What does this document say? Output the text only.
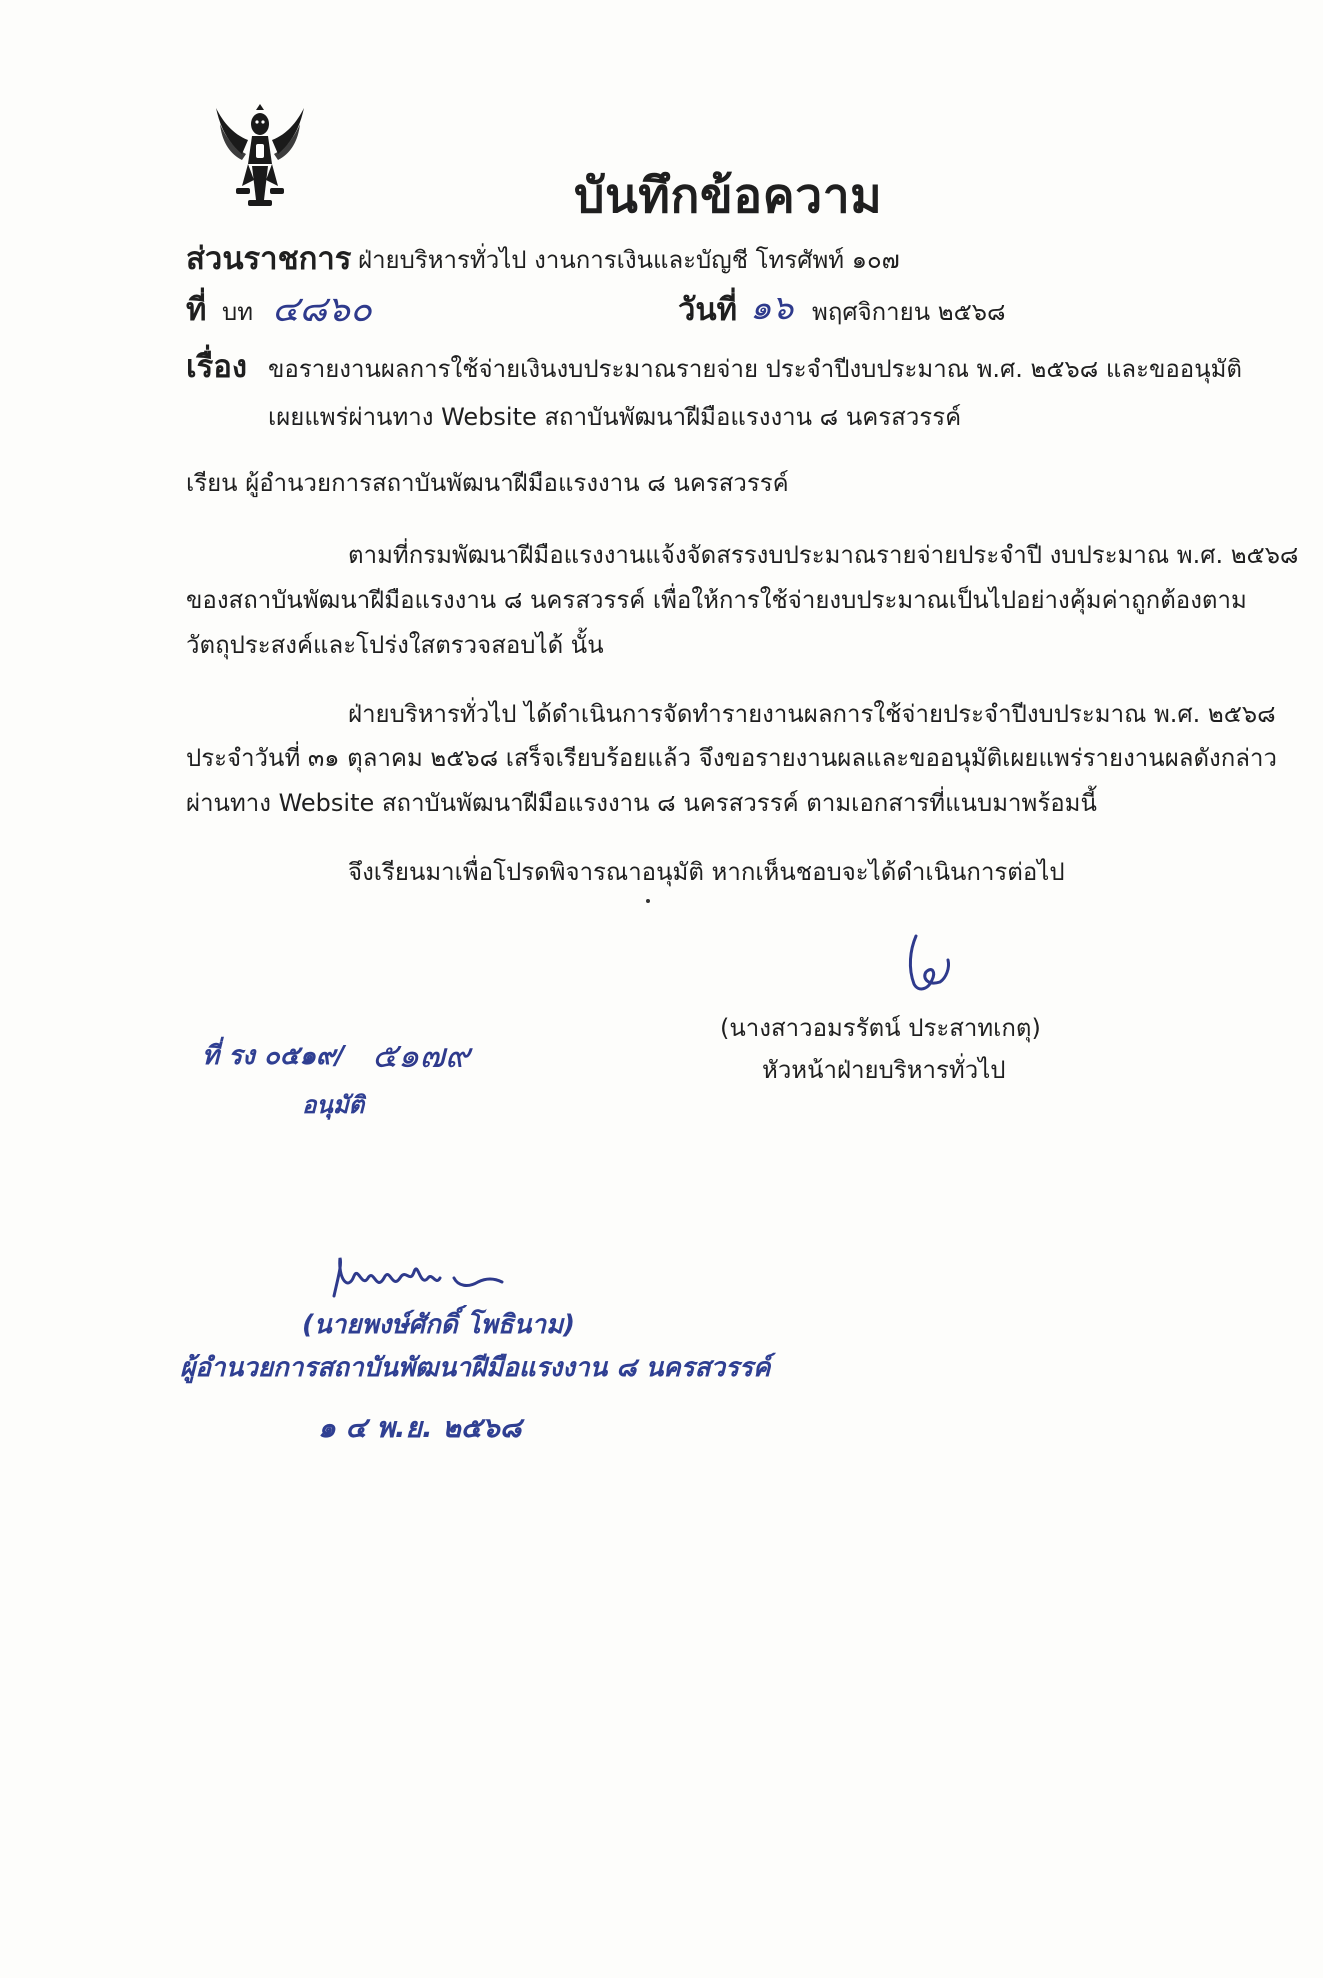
บันทึกข้อความ
ส่วนราชการ ฝ่ายบริหารทั่วไป งานการเงินและบัญชี โทรศัพท์ ๑๐๗
ที่ บท ๔๘๖๐	วันที่ ๑๖ พฤศจิกายน ๒๕๖๘
เรื่อง ขอรายงานผลการใช้จ่ายเงินงบประมาณรายจ่าย ประจำปีงบประมาณ พ.ศ. ๒๕๖๘ และขออนุมัติ
เผยแพร่ผ่านทาง Website สถาบันพัฒนาฝีมือแรงงาน ๘ นครสวรรค์
เรียน ผู้อำนวยการสถาบันพัฒนาฝีมือแรงงาน ๘ นครสวรรค์
ตามที่กรมพัฒนาฝีมือแรงงานแจ้งจัดสรรงบประมาณรายจ่ายประจำปี งบประมาณ พ.ศ. ๒๕๖๘
ของสถาบันพัฒนาฝีมือแรงงาน ๘ นครสวรรค์ เพื่อให้การใช้จ่ายงบประมาณเป็นไปอย่างคุ้มค่าถูกต้องตาม
วัตถุประสงค์และโปร่งใสตรวจสอบได้ นั้น
ฝ่ายบริหารทั่วไป ได้ดำเนินการจัดทำรายงานผลการใช้จ่ายประจำปีงบประมาณ พ.ศ. ๒๕๖๘
ประจำวันที่ ๓๑ ตุลาคม ๒๕๖๘ เสร็จเรียบร้อยแล้ว จึงขอรายงานผลและขออนุมัติเผยแพร่รายงานผลดังกล่าว
ผ่านทาง Website สถาบันพัฒนาฝีมือแรงงาน ๘ นครสวรรค์ ตามเอกสารที่แนบมาพร้อมนี้
จึงเรียนมาเพื่อโปรดพิจารณาอนุมัติ หากเห็นชอบจะได้ดำเนินการต่อไป
(นางสาวอมรรัตน์ ประสาทเกตุ)
หัวหน้าฝ่ายบริหารทั่วไป
ที่ รง ๐๕๑๙/ ๕๑๗๙
อนุมัติ
(นายพงษ์ศักดิ์ โพธินาม)
ผู้อำนวยการสถาบันพัฒนาฝีมือแรงงาน ๘ นครสวรรค์
๑ ๔ พ.ย. ๒๕๖๘
